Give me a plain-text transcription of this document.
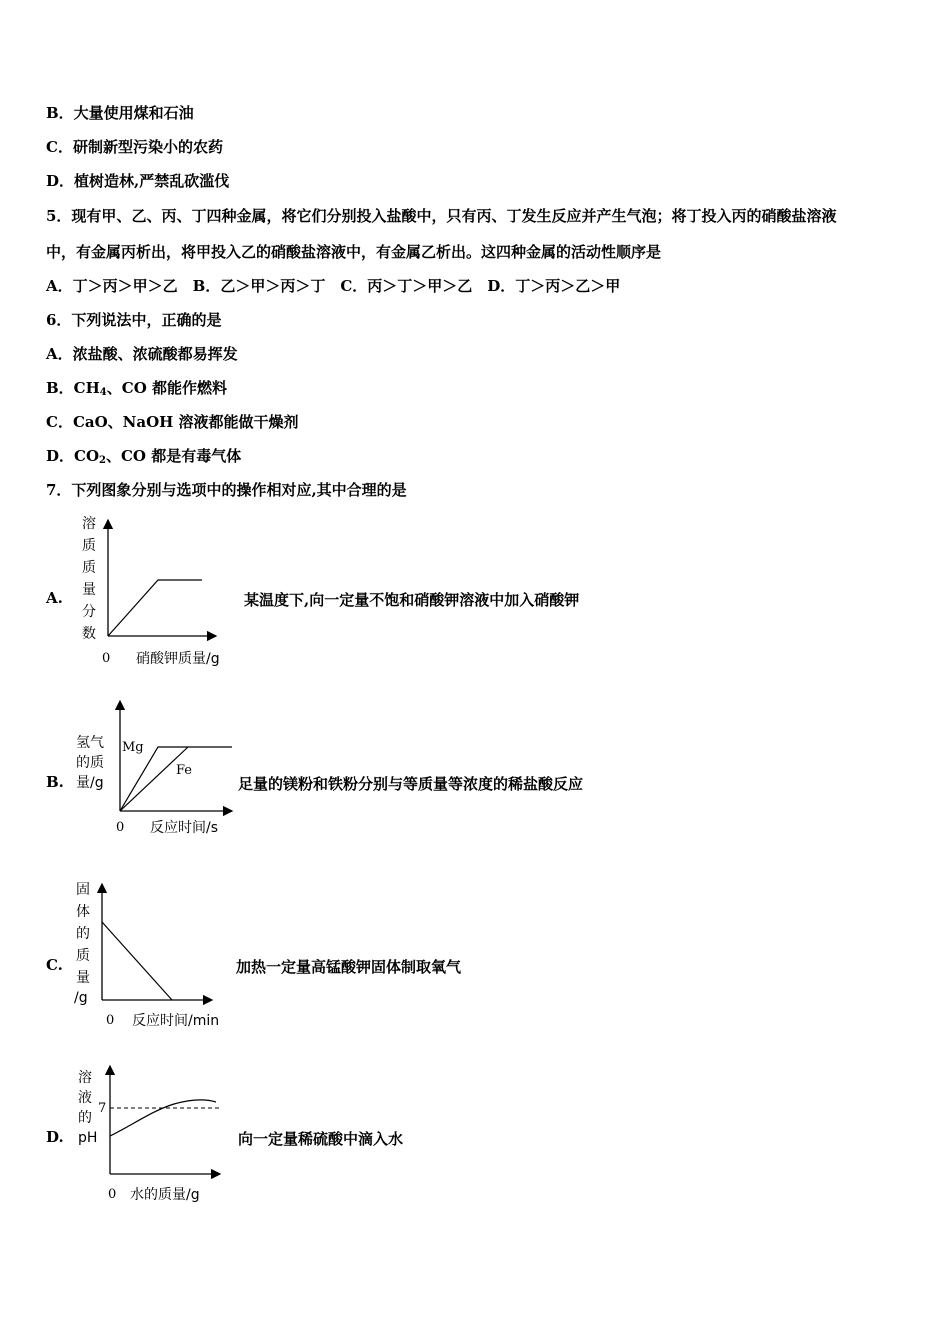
B．大量使用煤和石油
C．研制新型污染小的农药
D．植树造林,严禁乱砍滥伐
5．现有甲、乙、丙、丁四种金属，将它们分别投入盐酸中，只有丙、丁发生反应并产生气泡；将丁投入丙的硝酸盐溶液
中，有金属丙析出，将甲投入乙的硝酸盐溶液中，有金属乙析出。这四种金属的活动性顺序是
A．丁＞丙＞甲＞乙　B．乙＞甲＞丙＞丁　C．丙＞丁＞甲＞乙　D．丁＞丙＞乙＞甲
6．下列说法中，正确的是
A．浓盐酸、浓硫酸都易挥发
B．$CH_4$、CO 都能作燃料
C．CaO、NaOH 溶液都能做干燥剂
D．$CO_2$、CO 都是有毒气体
7．下列图象分别与选项中的操作相对应,其中合理的是
A.
溶
质
质
量
分
数
0 硝酸钾质量/g
某温度下,向一定量不饱和硝酸钾溶液中加入硝酸钾
B.
Mg
Fe
氢气
的质
量/g
0 反应时间/s
足量的镁粉和铁粉分别与等质量等浓度的稀盐酸反应
C.
固
体
的
质
量
/g
0 反应时间/min
加热一定量高锰酸钾固体制取氧气
D.
7
溶
液
的
pH
0 水的质量/g
向一定量稀硫酸中滴入水
